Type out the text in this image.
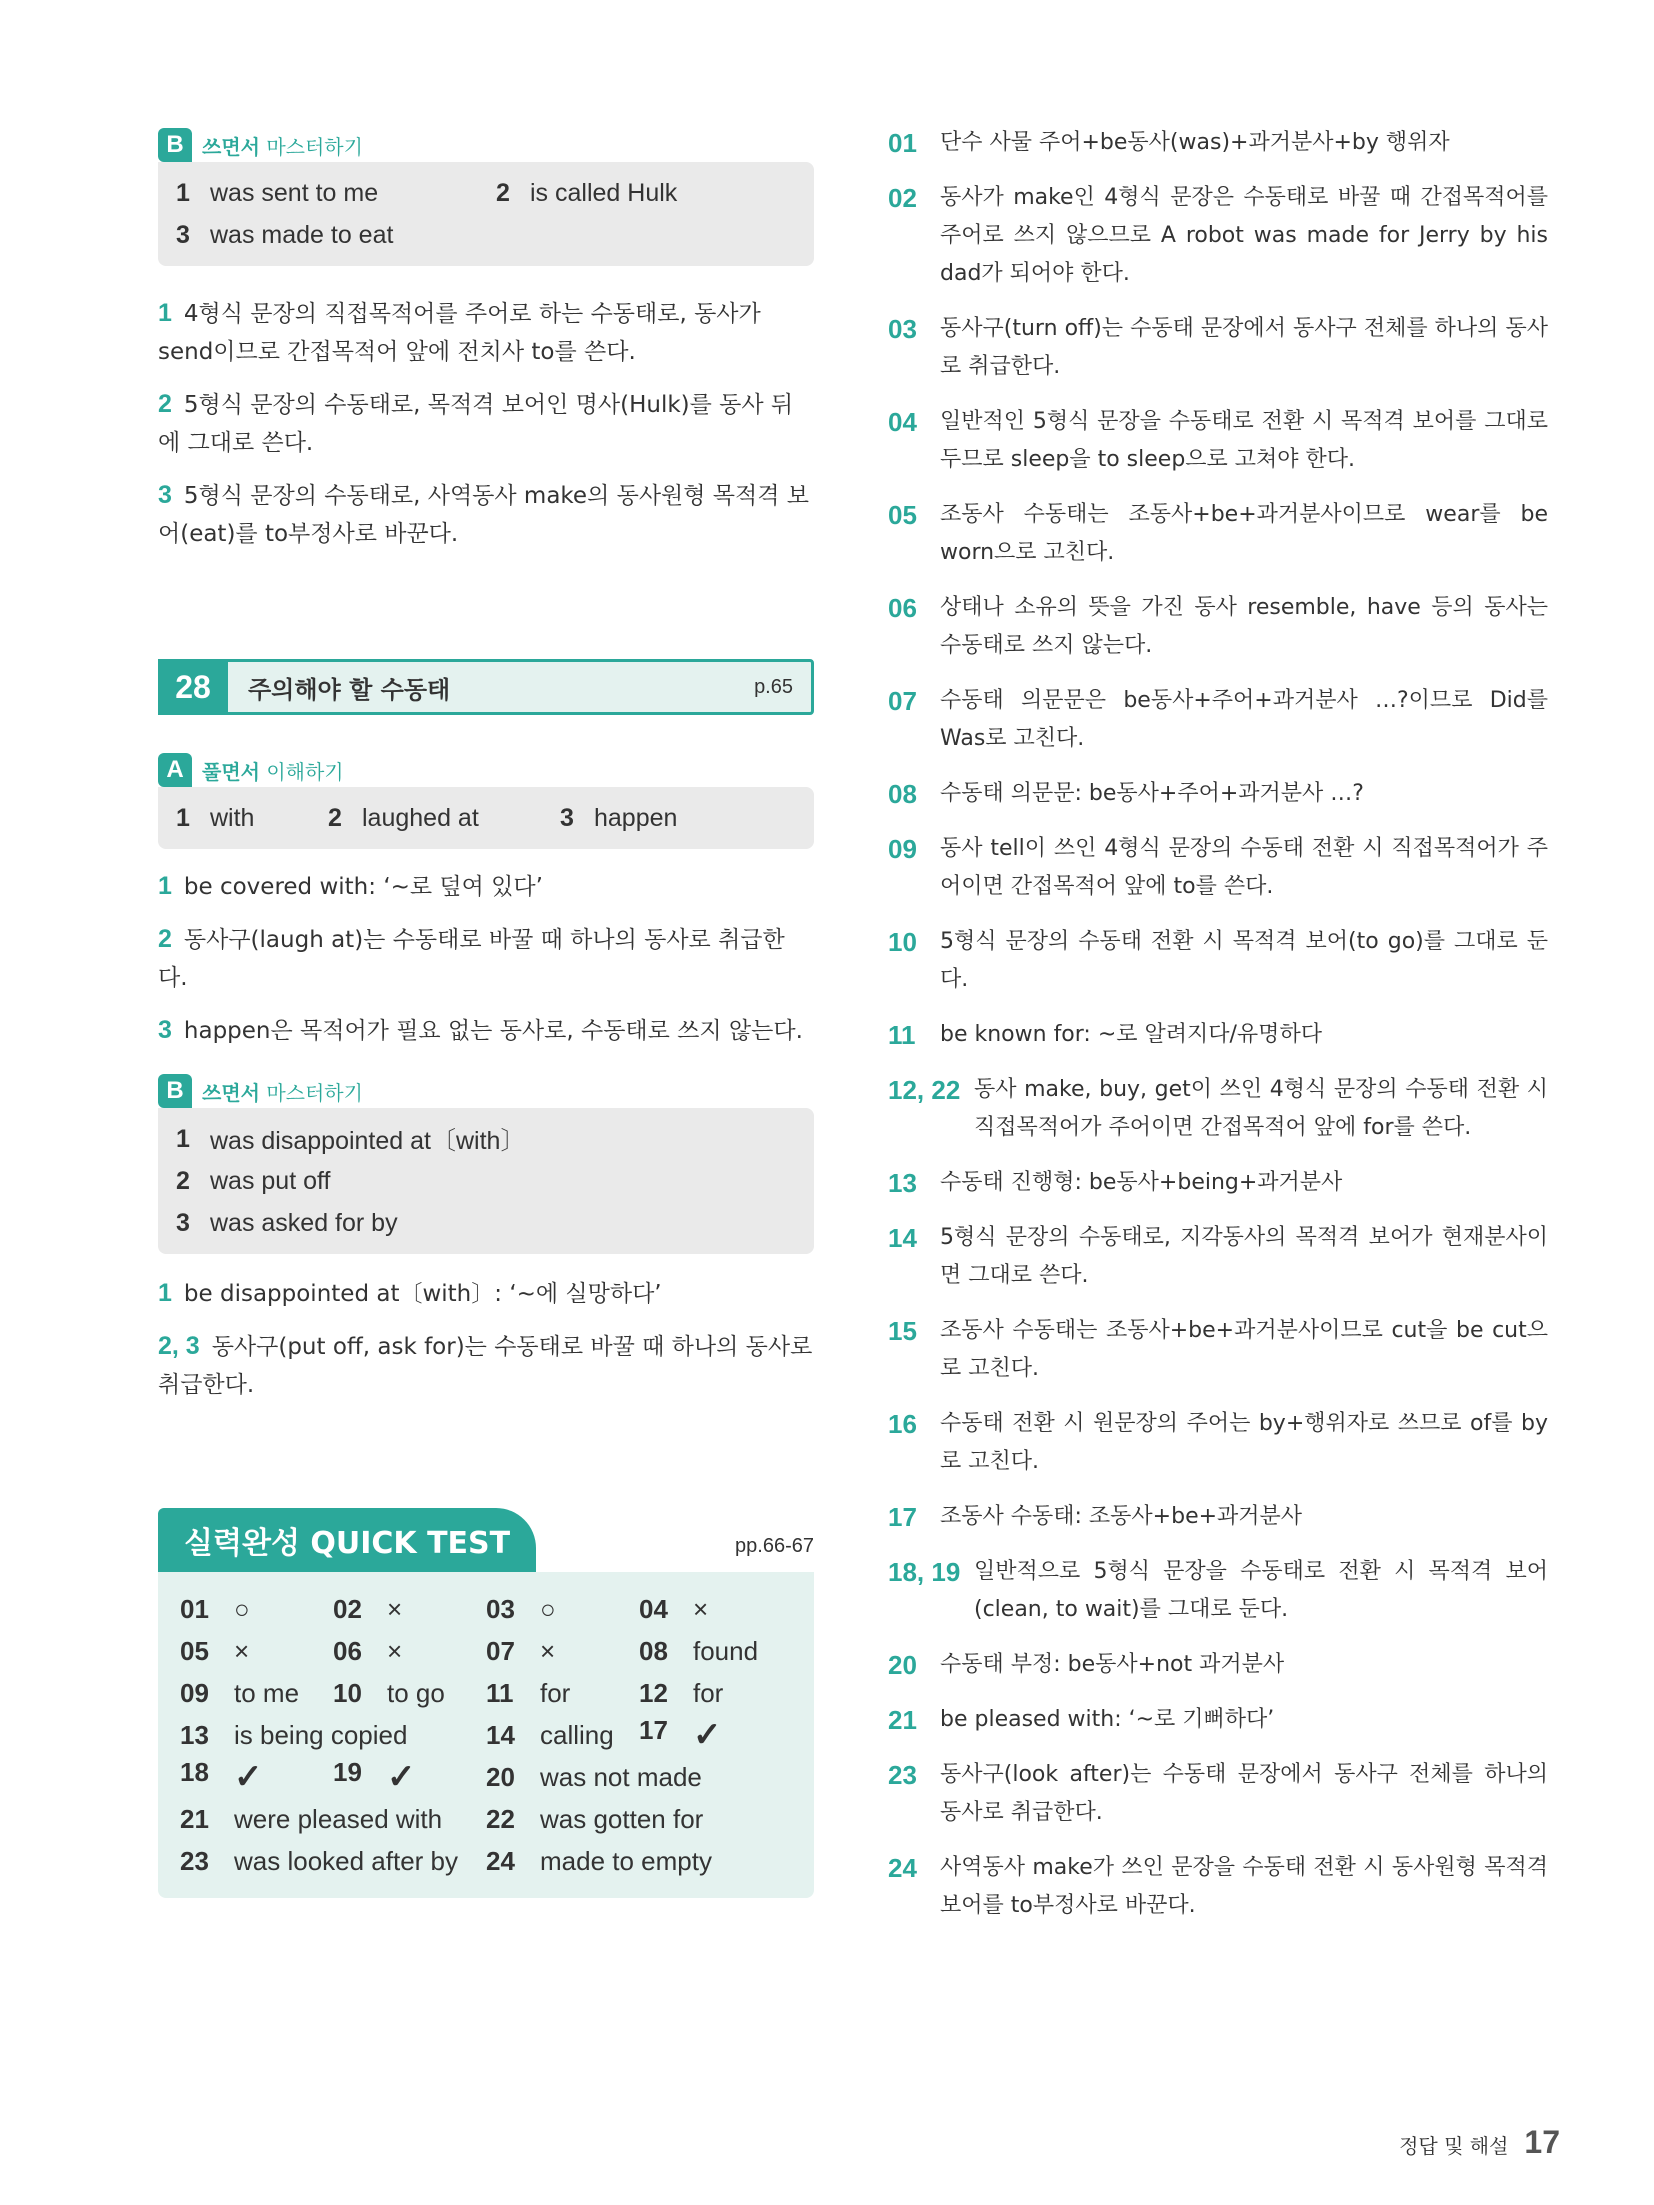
B 쓰면서 마스터하기
1 was sent to me	2 is called Hulk
3 was made to eat
1 4형식 문장의 직접목적어를 주어로 하는 수동태로, 동사가 send이므로 간접목적어 앞에 전치사 to를 쓴다.
2 5형식 문장의 수동태로, 목적격 보어인 명사(Hulk)를 동사 뒤에 그대로 쓴다.
3 5형식 문장의 수동태로, 사역동사 make의 동사원형 목적격 보어(eat)를 to부정사로 바꾼다.
28	주의해야 할 수동태	p.65
A 풀면서 이해하기
1 with	2 laughed at	3 happen
1 be covered with: ‘~로 덮여 있다’
2 동사구(laugh at)는 수동태로 바꿀 때 하나의 동사로 취급한다.
3 happen은 목적어가 필요 없는 동사로, 수동태로 쓰지 않는다.
B 쓰면서 마스터하기
1 was disappointed at〔with〕
2 was put off
3 was asked for by
1 be disappointed at〔with〕: ‘~에 실망하다’
2, 3 동사구(put off, ask for)는 수동태로 바꿀 때 하나의 동사로 취급한다.
실력완성 QUICK TEST	pp.66-67
01 ○	02 ×	03 ○	04 ×
05 ×	06 ×	07 ×	08 found
09 to me 10 to go 11	for	12 for
13 is being copied	14 calling 17 ✓
18 ✓	19 ✓	20 was not made
21 were pleased with 22 was gotten for
23 was looked after by 24 made to empty
01	단수 사물 주어+be동사(was)+과거분사+by 행위자
02	동사가 make인 4형식 문장은 수동태로 바꿀 때 간접목적어를 주어로 쓰지 않으므로 A robot was made for Jerry by his dad가 되어야 한다.
03	동사구(turn off)는 수동태 문장에서 동사구 전체를 하나의 동사로 취급한다.
04	일반적인 5형식 문장을 수동태로 전환 시 목적격 보어를 그대로 두므로 sleep을 to sleep으로 고쳐야 한다.
05	조동사 수동태는 조동사+be+과거분사이므로 wear를 be worn으로 고친다.
06	상태나 소유의 뜻을 가진 동사 resemble, have 등의 동사는 수동태로 쓰지 않는다.
07	수동태 의문문은 be동사+주어+과거분사 …?이므로 Did를 Was로 고친다.
08	수동태 의문문: be동사+주어+과거분사 …?
09	동사 tell이 쓰인 4형식 문장의 수동태 전환 시 직접목적어가 주어이면 간접목적어 앞에 to를 쓴다.
10	5형식 문장의 수동태 전환 시 목적격 보어(to go)를 그대로 둔다.
11	be known for: ~로 알려지다/유명하다
12, 22 동사 make, buy, get이 쓰인 4형식 문장의 수동태 전환 시 직접목적어가 주어이면 간접목적어 앞에 for를 쓴다.
13	수동태 진행형: be동사+being+과거분사
14	5형식 문장의 수동태로, 지각동사의 목적격 보어가 현재분사이면 그대로 쓴다.
15	조동사 수동태는 조동사+be+과거분사이므로 cut을 be cut으로 고친다.
16	수동태 전환 시 원문장의 주어는 by+행위자로 쓰므로 of를 by로 고친다.
17	조동사 수동태: 조동사+be+과거분사
18, 19 일반적으로 5형식 문장을 수동태로 전환 시 목적격 보어(clean, to wait)를 그대로 둔다.
20	수동태 부정: be동사+not 과거분사
21	be pleased with: ‘~로 기뻐하다’
23	동사구(look after)는 수동태 문장에서 동사구 전체를 하나의 동사로 취급한다.
24	사역동사 make가 쓰인 문장을 수동태 전환 시 동사원형 목적격 보어를 to부정사로 바꾼다.
정답 및 해설 17
